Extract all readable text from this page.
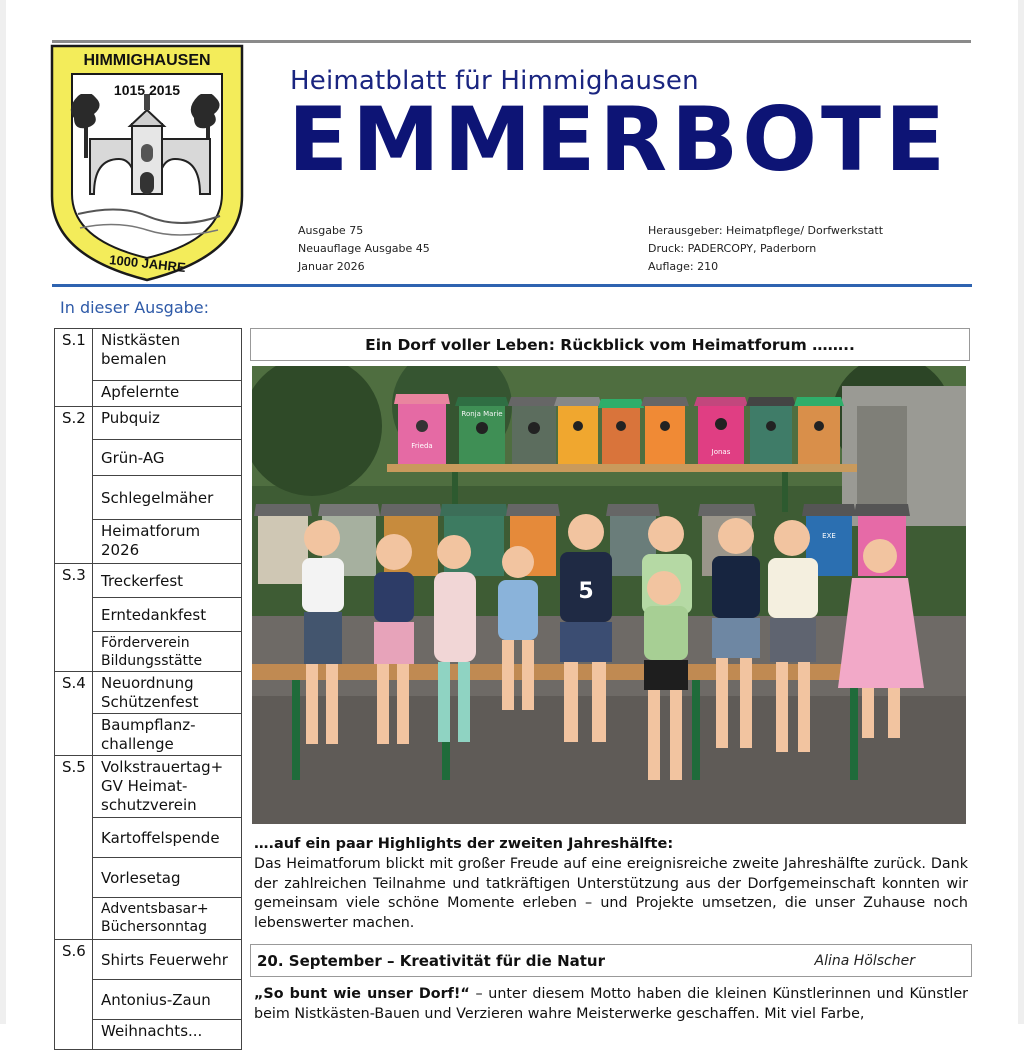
HIMMIGHAUSEN
1015 2015
1000 JAHRE
Heimatblatt für Himmighausen
EMMERBOTE
Ausgabe 75
Neuauflage Ausgabe 45
Januar 2026
Herausgeber: Heimatpflege/ Dorfwerkstatt
Druck: PADERCOPY, Paderborn
Auflage: 210
In dieser Ausgabe:
S.1	Nistkästen bemalen
	Apfelernte
S.2	Pubquiz
	Grün-AG
	Schlegelmäher
	Heimatforum 2026
S.3	Treckerfest
	Erntedankfest
	Förderverein Bildungsstätte
S.4	Neuordnung Schützenfest
	Baumpflanz-challenge
S.5	Volkstrauertag+ GV Heimat-schutzverein
	Kartoffelspende
	Vorlesetag
	Adventsbasar+ Büchersonntag
S.6	Shirts Feuerwehr
	Antonius-Zaun
	Weihnachts...
Ein Dorf voller Leben: Rückblick vom Heimatforum ……..
Ronja Marie
Frieda
Jonas
EXE
5
….auf ein paar Highlights der zweiten Jahreshälfte:
Das Heimatforum blickt mit großer Freude auf eine ereignisreiche zweite Jahreshälfte zurück. Dank der zahlreichen Teilnahme und tatkräftigen Unterstützung aus der Dorfgemeinschaft konnten wir gemeinsam viele schöne Momente erleben – und Projekte umsetzen, die unser Zuhause noch lebenswerter machen.
20. September – Kreativität für die Natur	Alina Hölscher
„So bunt wie unser Dorf!“ – unter diesem Motto haben die kleinen Künstlerinnen und Künstler beim Nistkästen-Bauen und Verzieren wahre Meisterwerke geschaffen. Mit viel Farbe,
